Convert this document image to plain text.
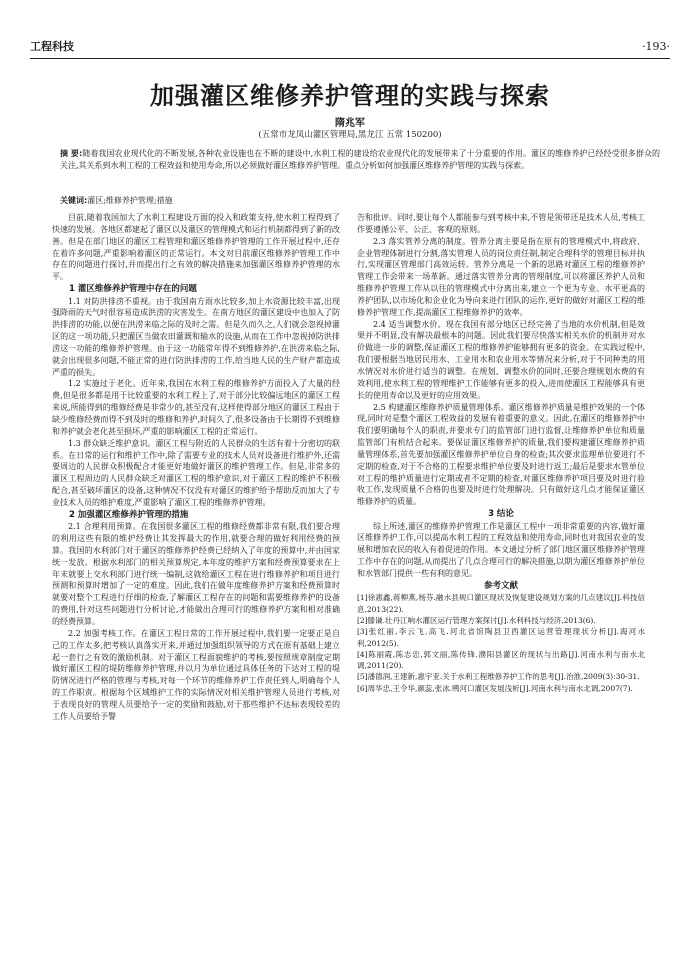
工程科技	·193·
加强灌区维修养护管理的实践与探索
隋兆军
(五常市龙凤山灌区管理局,黑龙江 五常 150200)
摘 要:随着我国农业现代化的不断发展,各种农业设施也在不断的建设中,水利工程的建设给农业现代化的发展带来了十分重要的作用。灌区的维修养护已经经受很多群众的关注,其关系到水利工程的工程效益和使用寿命,所以必须做好灌区维修养护管理。重点分析如何加强灌区维修养护管理的实践与探索。
关键词:灌区;维修养护管理;措施

目前,随着我国加大了水利工程建设方面的投入和政策支持,使水利工程得到了快速的发展。各地区都建起了灌区以及灌区的管理模式和运行机制都得到了新的改善。但是在部门地区的灌区工程管理和灌区维修养护管理的工作开展过程中,还存在着许多问题,严重影响着灌区的正常运行。本文对目前灌区维修养护管理工作中存在的问题进行探讨,并而提出行之有效的解决措施来加强灌区维修养护管理的水平。

1 灌区维修养护管理中存在的问题

1.1 对防洪排涝不重视。由于我国南方雨水比较多,加上水资源比较丰富,出现强降雨的天气时很容易造成洪涝的灾害发生。在南方地区的灌区建设中也加入了防洪排涝的功能,以便在洪涝来临之际的及时之需。但是久而久之,人们就会忽视掉灌区的这一项功能,只把灌区当做农田灌溉和输水的设施,从而在工作中忽视掉防洪排涝这一功能的维修养护管理。由于这一功能常年得不到维修养护,在洪涝来临之际,就会出现很多问题,不能正常的进行防洪排涝的工作,给当地人民的生产财产都造成严重的损失。

1.2 实施过于老化。近年来,我国在水利工程的维修养护方面投入了大量的经费,但是很多都是用于比较重要的水利工程上了,对于部分比较偏远地区的灌区工程来说,所能得到的维修经费是非常少的,甚至没有,这样使得部分地区的灌区工程由于缺少维修经费而得不到及时的维修和养护,时间久了,很多设备由于长期得不到维修和养护就会老化甚至损坏,严重的影响灌区工程的正常运行。

1.3 群众缺乏维护意识。灌区工程与附近的人民群众的生活有着十分密切的联系。在日常的运行和维护工作中,除了需要专业的技术人员对设备进行维护外,还需要周边的人民群众积极配合才能更好地做好灌区的维护管理工作。但是,非常多的灌区工程周边的人民群众缺乏对灌区工程的维护意识,对于灌区工程的维护不积极配合,甚至破坏灌区的设备,这种情况不仅没有对灌区的维护给予帮助反而加大了专业技术人员的维护难度,严重影响了灌区工程的维修养护管理。

2 加强灌区维修养护管理的措施

2.1 合理利用预算。在我国很多灌区工程的维修经费都非常有限,我们要合理的利用这些有限的维护经费让其发挥最大的作用,就要合理的做好利用经费的预算。我国的水利部门对于灌区的维修养护经费已经纳入了年度的预算中,并由国家统一发放。根据水利部门的相关预算规定,本年度的维护方案和经费预算要求在上年末就要上交水利部门进行统一编制,这就给灌区工程在进行维修养护和项目进行预测和预算时增加了一定的难度。因此,我们在做年度维修养护方案和经费预算时就要对整个工程进行仔细的检查,了解灌区工程存在的问题和需要维修养护的设备的费用,针对这些问题进行分析讨论,才能做出合理可行的维修养护方案和相对准确的经费预算。

2.2 加强考核工作。在灌区工程日常的工作开展过程中,我们要一定要正是自己的工作太多,把考核认真落实开来,并通过加强组织领导的方式在原有基础上建立起一套行之有效的激励机制。对于灌区工程面貌维护的考核,要按照规章制度定期做好灌区工程的堤防维修养护管理,并以月为单位通过具体任务的下达对工程的堤防情况进行严格的管理与考核,对每一个环节的维修养护工作责任到人,明确每个人的工作职责。根据每个区域维护工作的实际情况对相关维护管理人员进行考核,对于表现良好的管理人员要给予一定的奖励和鼓励,对于那些维护不达标表现较差的工作人员要给予警

告和批评。同时,要让每个人都能参与到考核中来,不管是领带还是技术人员,考核工作要遵循公平、公正、客观的原则。

2.3 落实管养分离的制度。管养分离主要是指在原有的管理模式中,将政府、企业管理体制进行分割,落实管理人员的岗位责任制,制定合理科学的管理目标并执行,实现灌区管理部门高效运转。管养分离是一个新的思路对灌区工程的维修养护管理工作会带来一场革新。通过落实管养分离的管理制度,可以将灌区养护人员和维修养护管理工作从以往的管理模式中分离出来,建立一个更为专业、水平更高的养护团队,以市场化和企业化为导向来进行团队的运作,更好的做好对灌区工程的维修养护管理工作,提高灌区工程维修养护的效率。

2.4 适当调整水价。现在我国有部分地区已经完善了当地的水价机制,但是效果并不明显,没有解决最根本的问题。因此我们要尽快落实相关水价的机制并对水价做进一步的调整,保证灌区工程的维修养护能够拥有更多的资金。在实践过程中,我们要根据当地居民用水、工业用水和农业用水等情况来分析,对于不同种类的用水情况对水价进行适当的调整。在规划、调整水价的同时,还要合理规划水费的有效利用,使水利工程的管理维护工作能够有更多的投入,进而使灌区工程能够具有更长的使用寿命以及更好的应用效果。

2.5 构建灌区维修养护质量管理体系。灌区维修养护质量是维护效果的一个体现,同时对是整个灌区工程效益的发展有着重要的意义。因此,在灌区的维修养护中我们要明确每个人的职责,并要求专门的监管部门进行监督,让维修养护单位和质量监管部门有机结合起来。要保证灌区维修养护的质量,我们要构建灌区维修养护质量管理体系,首先要加强灌区维修养护单位自身的检查;其次要求监理单位要进行不定期的检查,对于不合格的工程要求维护单位要及时进行返工;最后是要求水管单位对工程的维护质量进行定期或者不定期的检查,对灌区维修养护项目要及时进行验收工作,发现质量不合格的也要及时进行处理解决。只有做好这几点才能保证灌区维修养护的质量。

3 结论

综上所述,灌区的维修养护管理工作是灌区工程中一项非常重要的内容,做好灌区维修养护工作,可以提高水利工程的工程效益和使用寿命,同时也对我国农业的发展和增加农民的收入有着促进的作用。本文通过分析了部门地区灌区维修养护管理工作中存在的问题,从而提出了几点合理可行的解决措施,以期为灌区维修养护单位和水管部门提供一些有利的意见。

参考文献
[1]徐惠鑫,蒋柳燕,杨芬.融水县规口灌区现状及恢复建设规划方案的几点建议[J].科技信息,2013(22).
[2]滕谦.壮丹江响水灌区运行管理方案探讨[J].水利科技与经济,2013(6).
[3]张红丽,李云飞,高飞.河北省馆陶县卫西灌区运营管理现状分析[J].海河水利,2012(5).
[4]陈丽霞,陈志忠,郭文丽,陈传锋.濮阳县灌区的现状与出路[J].河南水利与南水北调,2011(20).
[5]潘德润,王建新,惠宇亚.关于水利工程维修养护工作的思考[J].治淮,2009(3):30-31.
[6]周华忠,王令华,颜蕊,张冰.鸭河口灌区发展浅析[J].河南水利与南水北调,2007(7).
